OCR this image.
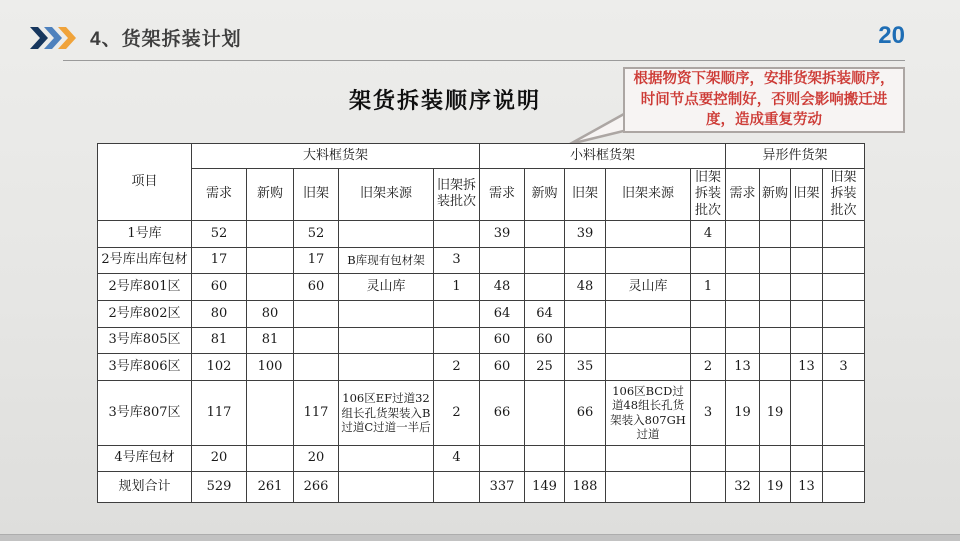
4、货架拆装计划	20
架货拆装顺序说明
根据物资下架顺序，安排货架拆装顺序，时间节点要控制好，否则会影响搬迁进度，造成重复劳动
项目	大料框货架					小料框货架					异形件货架			
	需求	新购	旧架	旧架来源	旧架拆装批次	需求	新购	旧架	旧架来源	旧架拆装批次	需求	新购	旧架	旧架拆装批次
1号库	52		52			39		39		4				
2号库出库包材	17		17	B库现有包材架	3									
2号库801区	60		60	灵山库	1	48		48	灵山库	1				
2号库802区	80	80				64	64							
3号库805区	81	81				60	60							
3号库806区	102	100			2	60	25	35		2	13		13	3
3号库807区	117		117	106区EF过道32组长孔货架装入B过道C过道一半后	2	66		66	106区BCD过道48组长孔货架装入807GH过道	3	19	19		
4号库包材	20		20		4									
规划合计	529	261	266			337	149	188			32	19	13	
